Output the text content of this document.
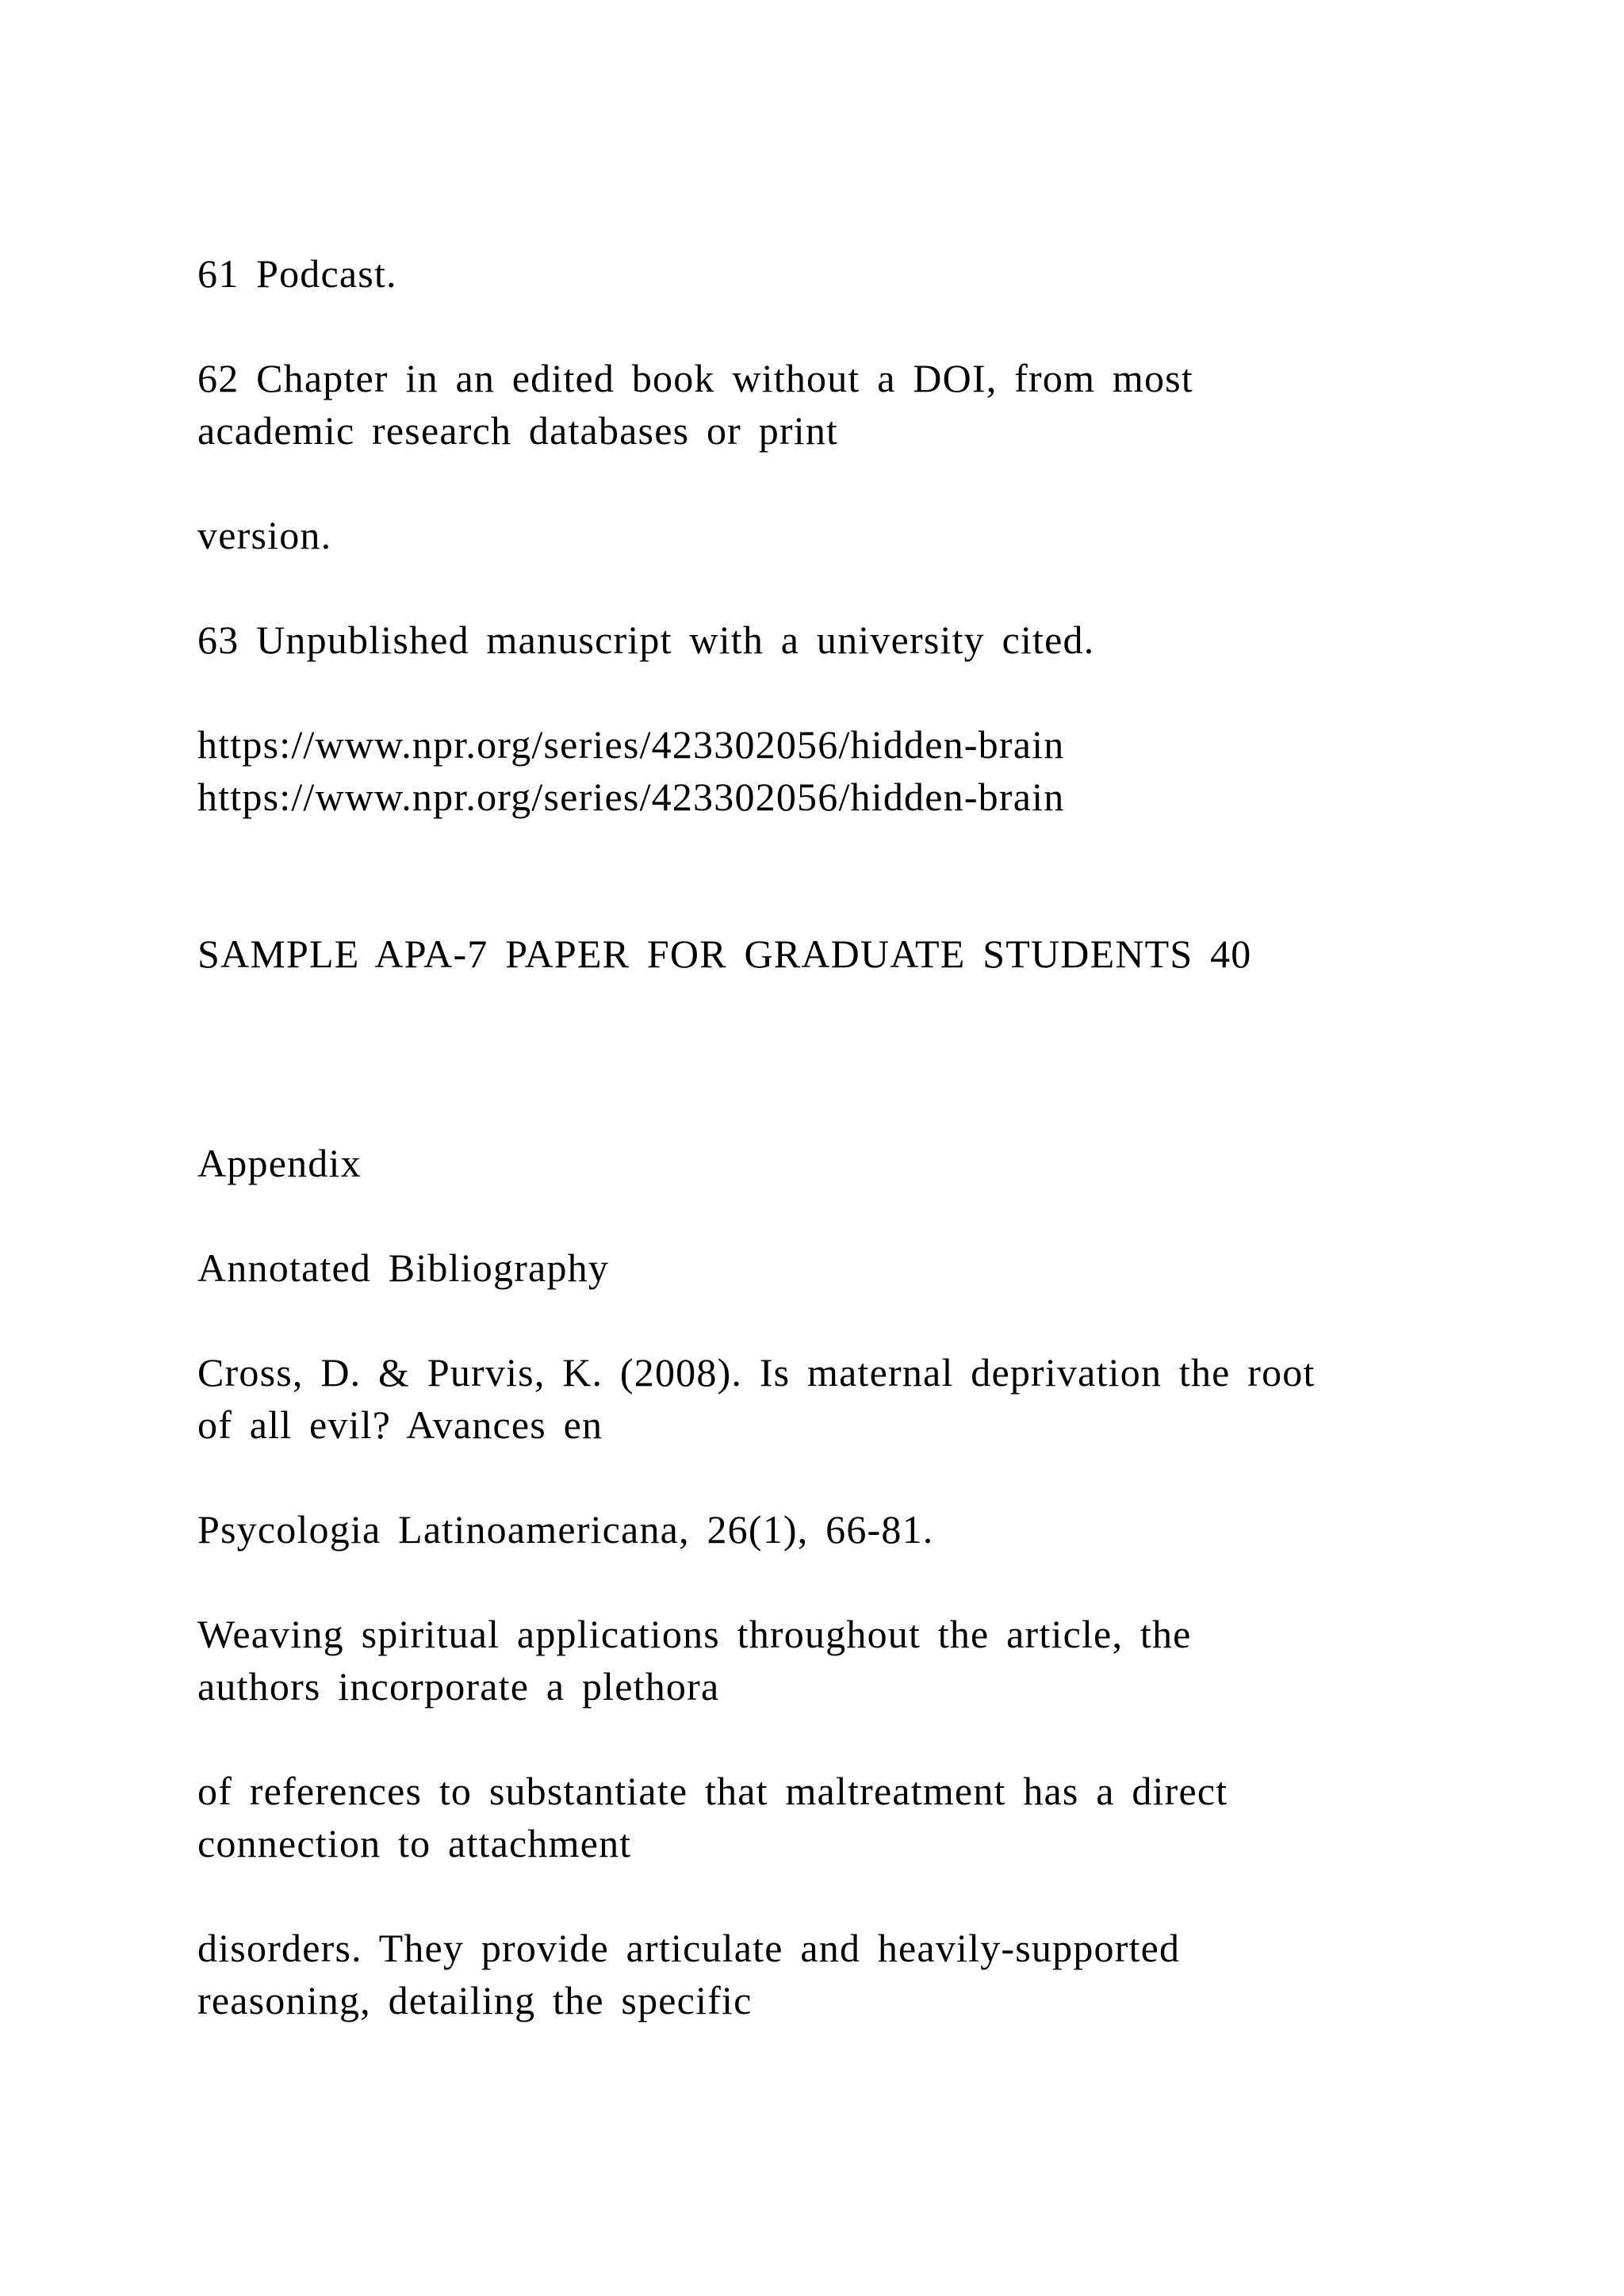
61 Podcast.

62 Chapter in an edited book without a DOI, from most

academic research databases or print

version.

63 Unpublished manuscript with a university cited.

https://www.npr.org/series/423302056/hidden-brain

https://www.npr.org/series/423302056/hidden-brain

SAMPLE APA-7 PAPER FOR GRADUATE STUDENTS 40

Appendix

Annotated Bibliography

Cross, D. & Purvis, K. (2008). Is maternal deprivation the root

of all evil? Avances en

Psycologia Latinoamericana, 26(1), 66-81.

Weaving spiritual applications throughout the article, the

authors incorporate a plethora

of references to substantiate that maltreatment has a direct

connection to attachment

disorders. They provide articulate and heavily-supported

reasoning, detailing the specific
